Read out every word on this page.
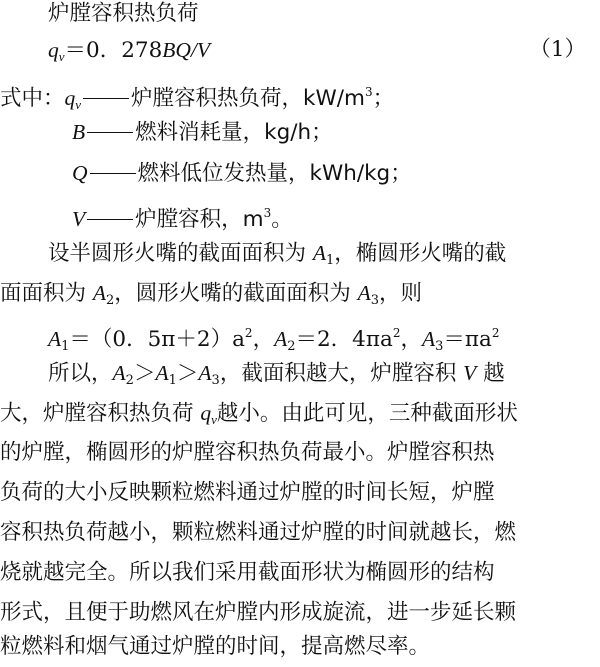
炉膛容积热负荷
$q_v=0$．278BQ/V	（1）
式中：$q_v$ 炉膛容积热负荷，$kW/m^3$；
B 燃料消耗量，kg/h；
Q 燃料低位发热量，kWh/kg；
V 炉膛容积，$m^3$。
设半圆形火嘴的截面面积为 A1，椭圆形火嘴的截
面面积为 A2，圆形火嘴的截面面积为 A3，则
A1＝（0．$5\pi+2)a^2$，A2＝2．$4\pi a^2$，$A3=\pi a^2$
所以，A2＞A1＞A3，截面积越大，炉膛容积 V 越
大，炉膛容积热负荷 $q_v$越小。由此可见，三种截面形状
的炉膛，椭圆形的炉膛容积热负荷最小。炉膛容积热
负荷的大小反映颗粒燃料通过炉膛的时间长短，炉膛
容积热负荷越小，颗粒燃料通过炉膛的时间就越长，燃
烧就越完全。所以我们采用截面形状为椭圆形的结构
形式，且便于助燃风在炉膛内形成旋流，进一步延长颗
粒燃料和烟气通过炉膛的时间，提高燃尽率。
